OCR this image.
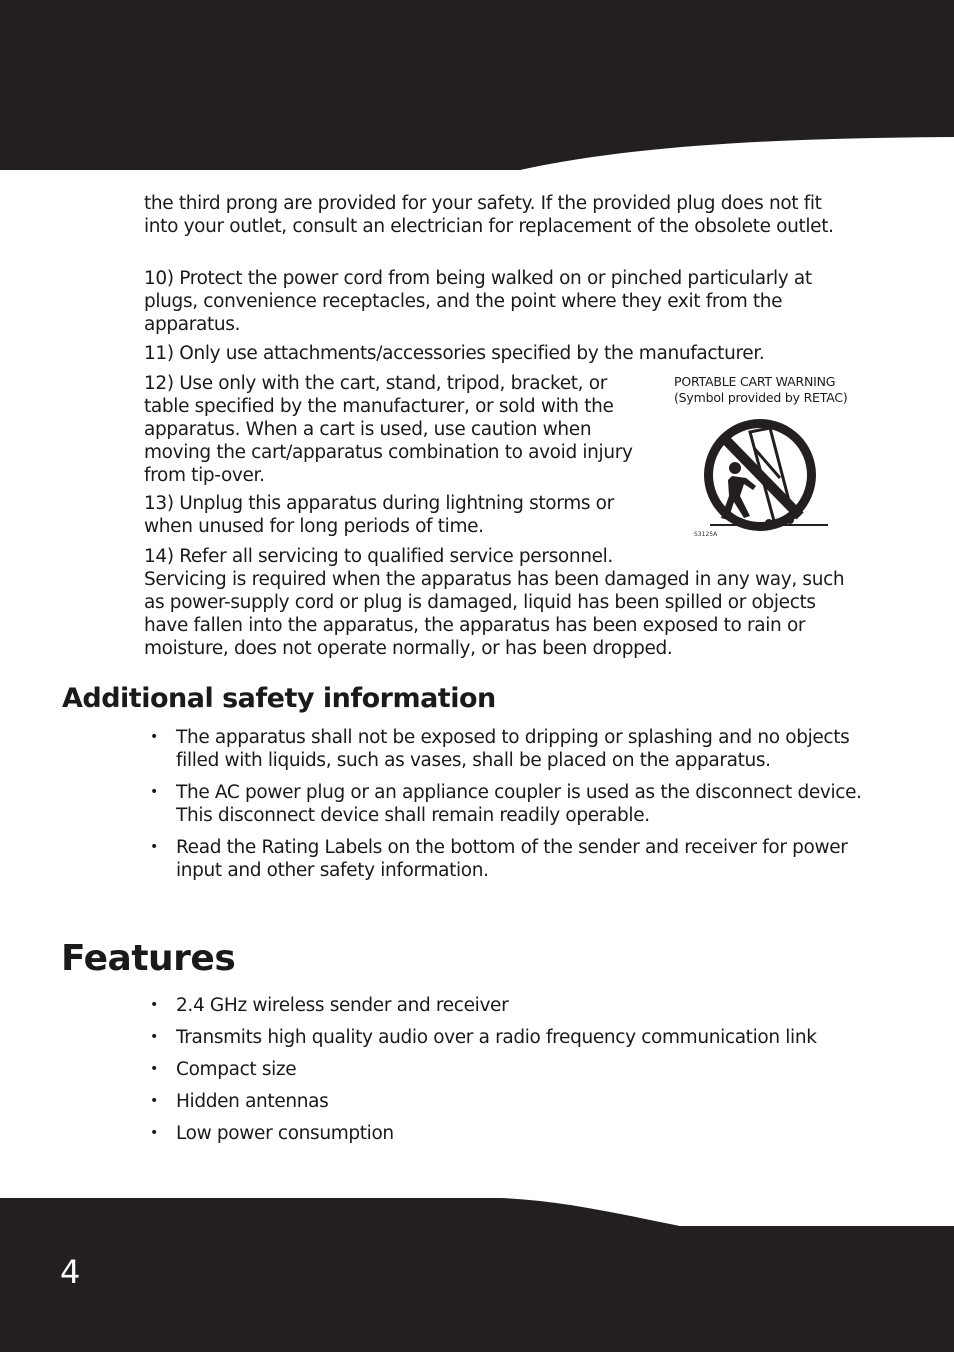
the third prong are provided for your safety. If the provided plug does not fit into your outlet, consult an electrician for replacement of the obsolete outlet.

10) Protect the power cord from being walked on or pinched particularly at plugs, convenience receptacles, and the point where they exit from the apparatus.

11) Only use attachments/accessories specified by the manufacturer.

12) Use only with the cart, stand, tripod, bracket, or table specified by the manufacturer, or sold with the apparatus. When a cart is used, use caution when moving the cart/apparatus combination to avoid injury from tip-over.

13) Unplug this apparatus during lightning storms or when unused for long periods of time.

14) Refer all servicing to qualified service personnel.
Servicing is required when the apparatus has been damaged in any way, such as power-supply cord or plug is damaged, liquid has been spilled or objects have fallen into the apparatus, the apparatus has been exposed to rain or moisture, does not operate normally, or has been dropped.

PORTABLE CART WARNING
(Symbol provided by RETAC)

S3125A
Additional safety information
• The apparatus shall not be exposed to dripping or splashing and no objects filled with liquids, such as vases, shall be placed on the apparatus.
• The AC power plug or an appliance coupler is used as the disconnect device. This disconnect device shall remain readily operable.
• Read the Rating Labels on the bottom of the sender and receiver for power input and other safety information.
Features
• 2.4 GHz wireless sender and receiver
• Transmits high quality audio over a radio frequency communication link
• Compact size
• Hidden antennas
• Low power consumption
4
